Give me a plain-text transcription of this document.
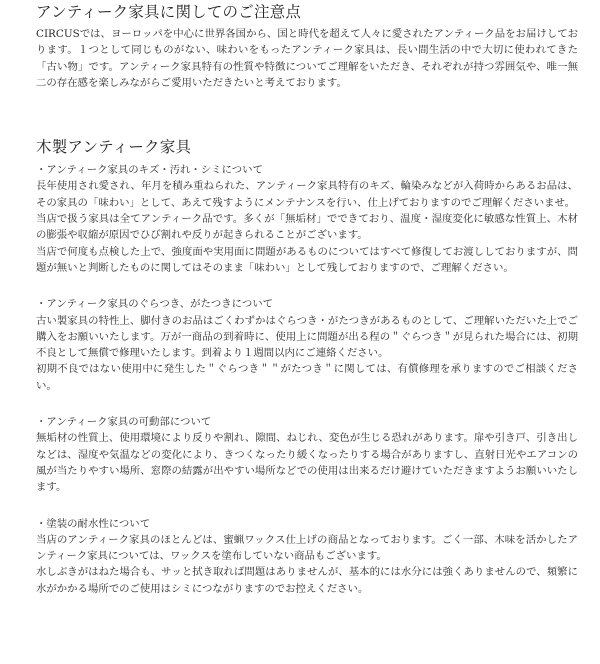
アンティーク家具に関してのご注意点

CIRCUSでは、ヨーロッパを中心に世界各国から、国と時代を超えて人々に愛されたアンティーク品をお届けしております。１つとして同じものがない、味わいをもったアンティーク家具は、長い間生活の中で大切に使われてきた「古い物」です。アンティーク家具特有の性質や特徴についてご理解をいただき、それぞれが持つ雰囲気や、唯一無二の存在感を楽しみながらご愛用いただきたいと考えております。

木製アンティーク家具

・アンティーク家具のキズ・汚れ・シミについて

長年使用され愛され、年月を積み重ねられた、アンティーク家具特有のキズ、輪染みなどが入荷時からあるお品は、その家具の「味わい」として、あえて残すようにメンテナンスを行い、仕上げておりますのでご理解くださいませ。

当店で扱う家具は全てアンティーク品です。多くが「無垢材」でできており、温度・湿度変化に敏感な性質上、木材の膨張や収縮が原因でひび割れや反りが起きられることがございます。

当店で何度も点検した上で、強度面や実用面に問題があるものについてはすべて修復してお渡ししておりますが、問題が無いと判断したものに関してはそのまま「味わい」として残しておりますので、ご理解ください。

・アンティーク家具のぐらつき、がたつきについて

古い製家具の特性上、脚付きのお品はごくわずかはぐらつき・がたつきがあるものとして、ご理解いただいた上でご購入をお願いいたします。万が一商品の到着時に、使用上に問題が出る程の＂ぐらつき＂が見られた場合には、初期不良として無償で修理いたします。到着より１週間以内にご連絡ください。

初期不良ではない使用中に発生した＂ぐらつき＂＂がたつき＂に関しては、有償修理を承りますのでご相談ください。

・アンティーク家具の可動部について

無垢材の性質上、使用環境により反りや割れ、隙間、ねじれ、変色が生じる恐れがあります。扉や引き戸、引き出しなどは、湿度や気温などの変化により、きつくなったり緩くなったりする場合がありますし、直射日光やエアコンの風が当たりやすい場所、窓際の結露が出やすい場所などでの使用は出来るだけ避けていただきますようお願いいたします。

・塗装の耐水性について

当店のアンティーク家具のほとんどは、蜜蝋ワックス仕上げの商品となっております。ごく一部、木味を活かしたアンティーク家具については、ワックスを塗布していない商品もございます。

水しぶきがはねた場合も、サッと拭き取れば問題はありませんが、基本的には水分には強くありませんので、頻繁に水がかかる場所でのご使用はシミにつながりますのでお控えください。
